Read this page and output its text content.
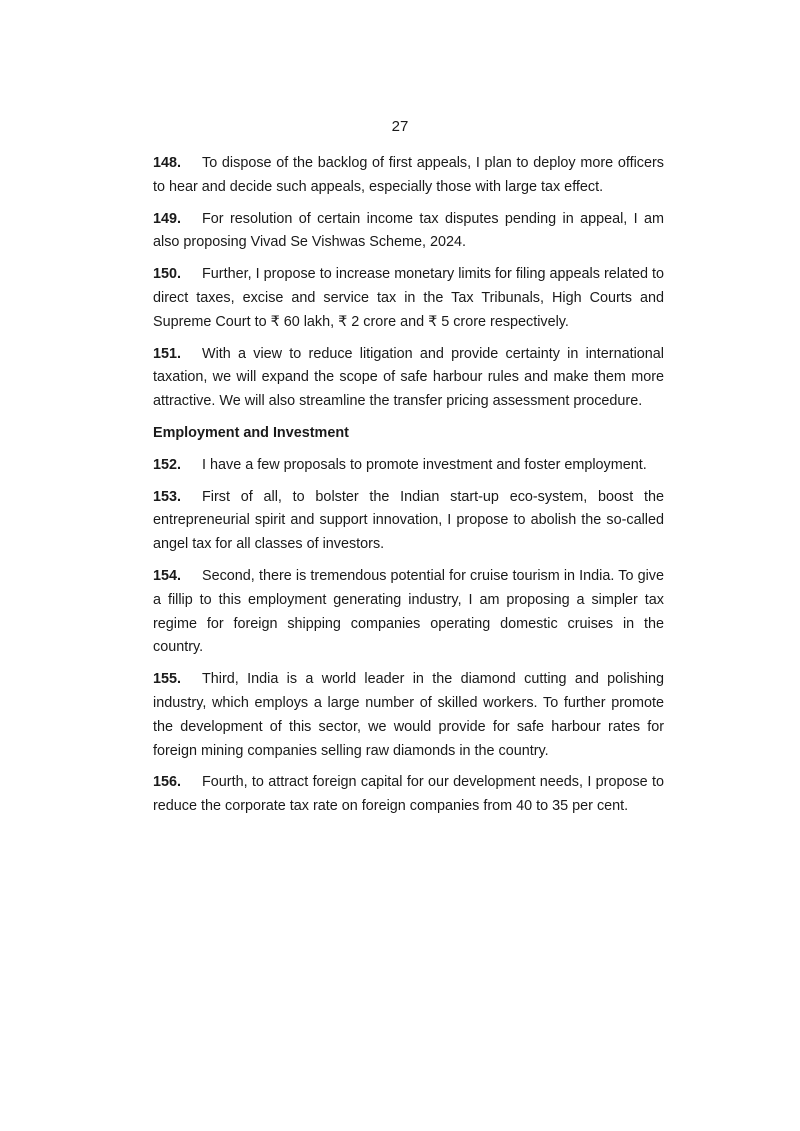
27

148. To dispose of the backlog of first appeals, I plan to deploy more officers to hear and decide such appeals, especially those with large tax effect.

149. For resolution of certain income tax disputes pending in appeal, I am also proposing Vivad Se Vishwas Scheme, 2024.

150. Further, I propose to increase monetary limits for filing appeals related to direct taxes, excise and service tax in the Tax Tribunals, High Courts and Supreme Court to ₹ 60 lakh, ₹ 2 crore and ₹ 5 crore respectively.

151. With a view to reduce litigation and provide certainty in international taxation, we will expand the scope of safe harbour rules and make them more attractive. We will also streamline the transfer pricing assessment procedure.

Employment and Investment

152. I have a few proposals to promote investment and foster employment.

153. First of all, to bolster the Indian start-up eco-system, boost the entrepreneurial spirit and support innovation, I propose to abolish the so-called angel tax for all classes of investors.

154. Second, there is tremendous potential for cruise tourism in India. To give a fillip to this employment generating industry, I am proposing a simpler tax regime for foreign shipping companies operating domestic cruises in the country.

155. Third, India is a world leader in the diamond cutting and polishing industry, which employs a large number of skilled workers. To further promote the development of this sector, we would provide for safe harbour rates for foreign mining companies selling raw diamonds in the country.

156. Fourth, to attract foreign capital for our development needs, I propose to reduce the corporate tax rate on foreign companies from 40 to 35 per cent.
